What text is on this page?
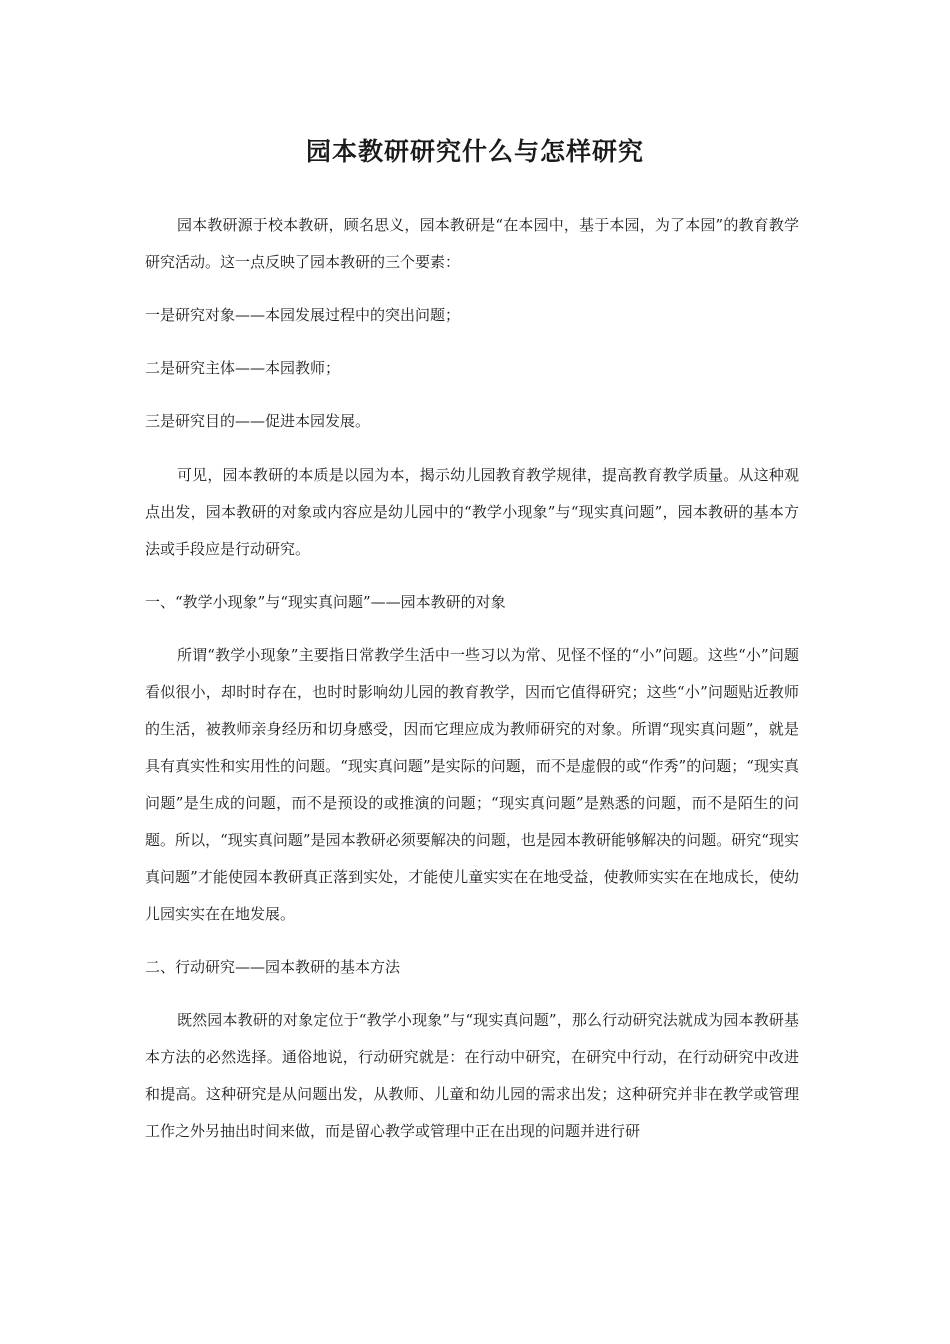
园本教研研究什么与怎样研究

园本教研源于校本教研，顾名思义，园本教研是“在本园中，基于本园，为了本园”的教育教学研究活动。这一点反映了园本教研的三个要素：

一是研究对象——本园发展过程中的突出问题；

二是研究主体——本园教师；

三是研究目的——促进本园发展。

可见，园本教研的本质是以园为本，揭示幼儿园教育教学规律，提高教育教学质量。从这种观点出发，园本教研的对象或内容应是幼儿园中的“教学小现象”与“现实真问题”，园本教研的基本方法或手段应是行动研究。

一、“教学小现象”与“现实真问题”——园本教研的对象

所谓“教学小现象”主要指日常教学生活中一些习以为常、见怪不怪的“小”问题。这些“小”问题看似很小，却时时存在，也时时影响幼儿园的教育教学，因而它值得研究；这些“小”问题贴近教师的生活，被教师亲身经历和切身感受，因而它理应成为教师研究的对象。所谓“现实真问题”，就是具有真实性和实用性的问题。“现实真问题”是实际的问题，而不是虚假的或“作秀”的问题；“现实真问题”是生成的问题，而不是预设的或推演的问题；“现实真问题”是熟悉的问题，而不是陌生的问题。所以，“现实真问题”是园本教研必须要解决的问题，也是园本教研能够解决的问题。研究“现实真问题”才能使园本教研真正落到实处，才能使儿童实实在在地受益，使教师实实在在地成长，使幼儿园实实在在地发展。

二、行动研究——园本教研的基本方法

既然园本教研的对象定位于“教学小现象”与“现实真问题”，那么行动研究法就成为园本教研基本方法的必然选择。通俗地说，行动研究就是：在行动中研究，在研究中行动，在行动研究中改进和提高。这种研究是从问题出发，从教师、儿童和幼儿园的需求出发；这种研究并非在教学或管理工作之外另抽出时间来做，而是留心教学或管理中正在出现的问题并进行研
